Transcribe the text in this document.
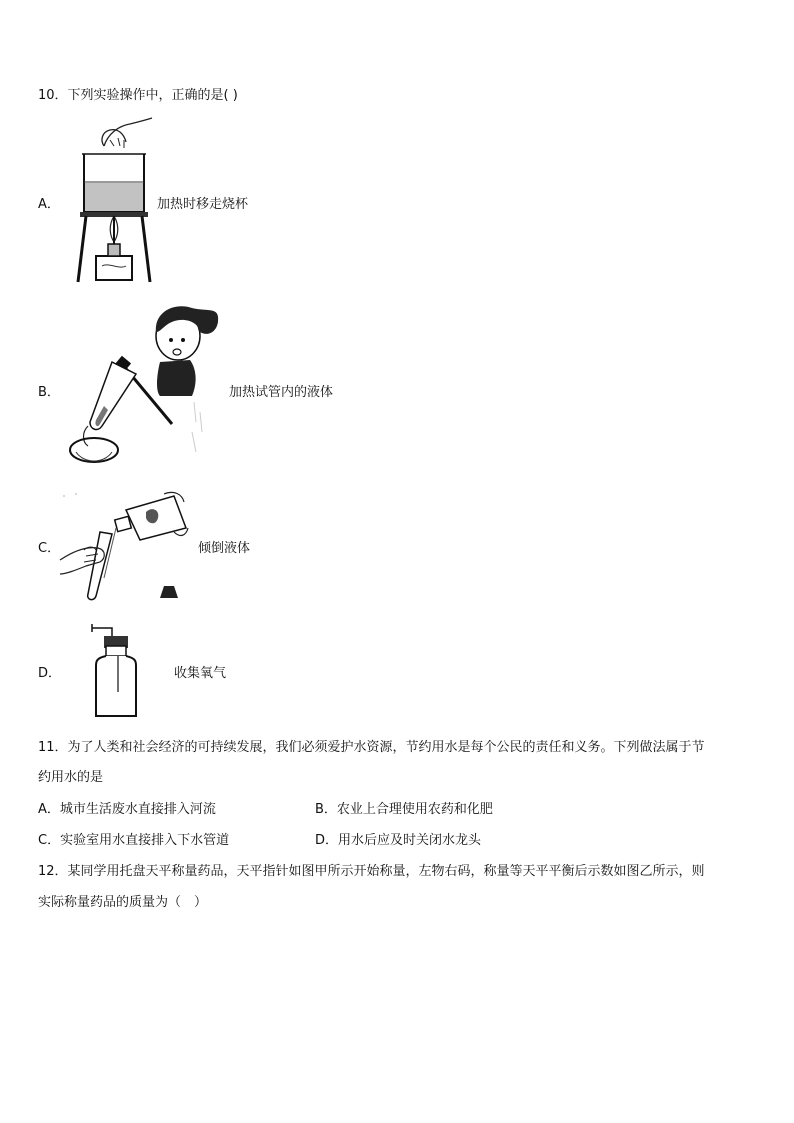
10．下列实验操作中，正确的是( )
A．	加热时移走烧杯
B．	加热试管内的液体
C．	倾倒液体
D．	收集氧气
11．为了人类和社会经济的可持续发展，我们必须爱护水资源，节约用水是每个公民的责任和义务。下列做法属于节
约用水的是
A．城市生活废水直接排入河流	B．农业上合理使用农药和化肥
C．实验室用水直接排入下水管道	D．用水后应及时关闭水龙头
12．某同学用托盘天平称量药品，天平指针如图甲所示开始称量，左物右码，称量等天平平衡后示数如图乙所示，则
实际称量药品的质量为（　）
